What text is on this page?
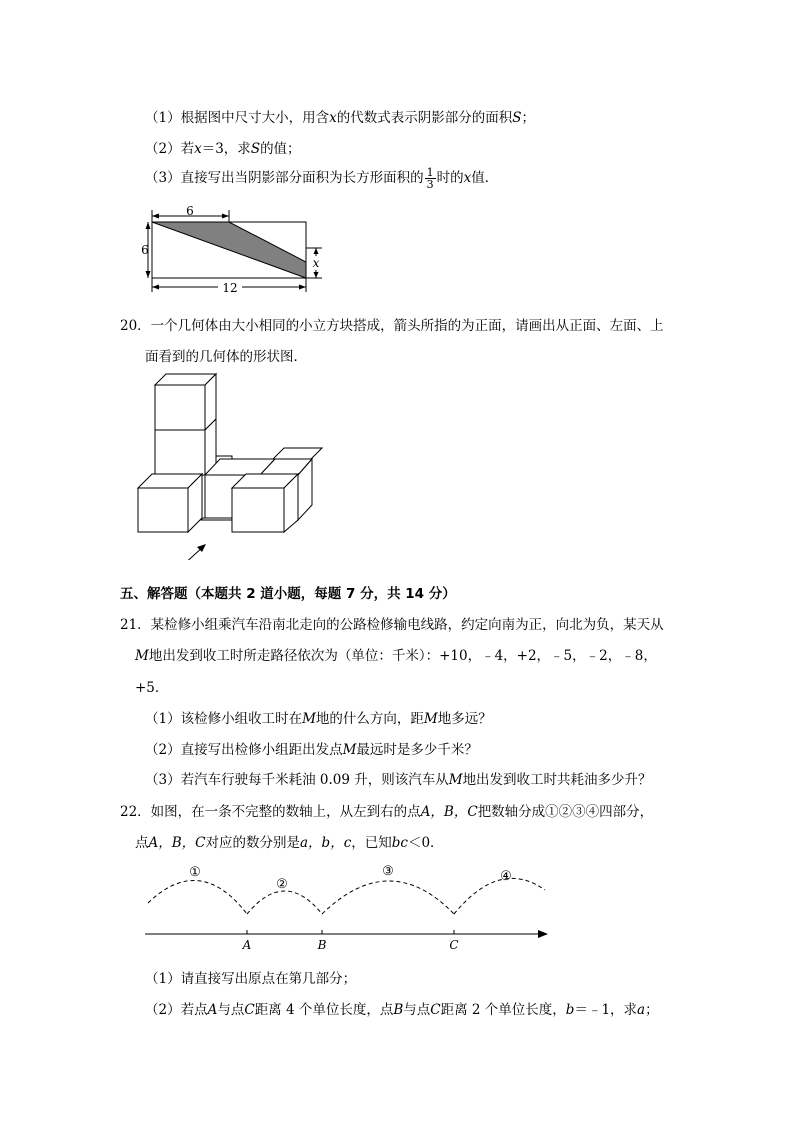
（1）根据图中尺寸大小，用含x的代数式表示阴影部分的面积S；
（2）若x＝3，求S的值；
（3）直接写出当阴影部分面积为长方形面积的 $\frac{1}{3}$ 时的x值．
6
6
12
x
20．一个几何体由大小相同的小立方块搭成，箭头所指的为正面，请画出从正面、左面、上
面看到的几何体的形状图．
五、解答题（本题共 2 道小题，每题 7 分，共 14 分）
21．某检修小组乘汽车沿南北走向的公路检修输电线路，约定向南为正，向北为负，某天从
M地出发到收工时所走路径依次为（单位：千米）：+10，﹣4，+2，﹣5，﹣2，﹣8，
+5．
（1）该检修小组收工时在M地的什么方向，距M地多远？
（2）直接写出检修小组距出发点M最远时是多少千米？
（3）若汽车行驶每千米耗油 0.09 升，则该汽车从M地出发到收工时共耗油多少升？
22．如图，在一条不完整的数轴上，从左到右的点A，B，C把数轴分成①②③④四部分，
点A，B，C对应的数分别是a，b，c，已知bc＜0．
①
②
③	④
A	B	C
（1）请直接写出原点在第几部分；
（2）若点A与点C距离 4 个单位长度，点B与点C距离 2 个单位长度，b＝﹣1，求a；
